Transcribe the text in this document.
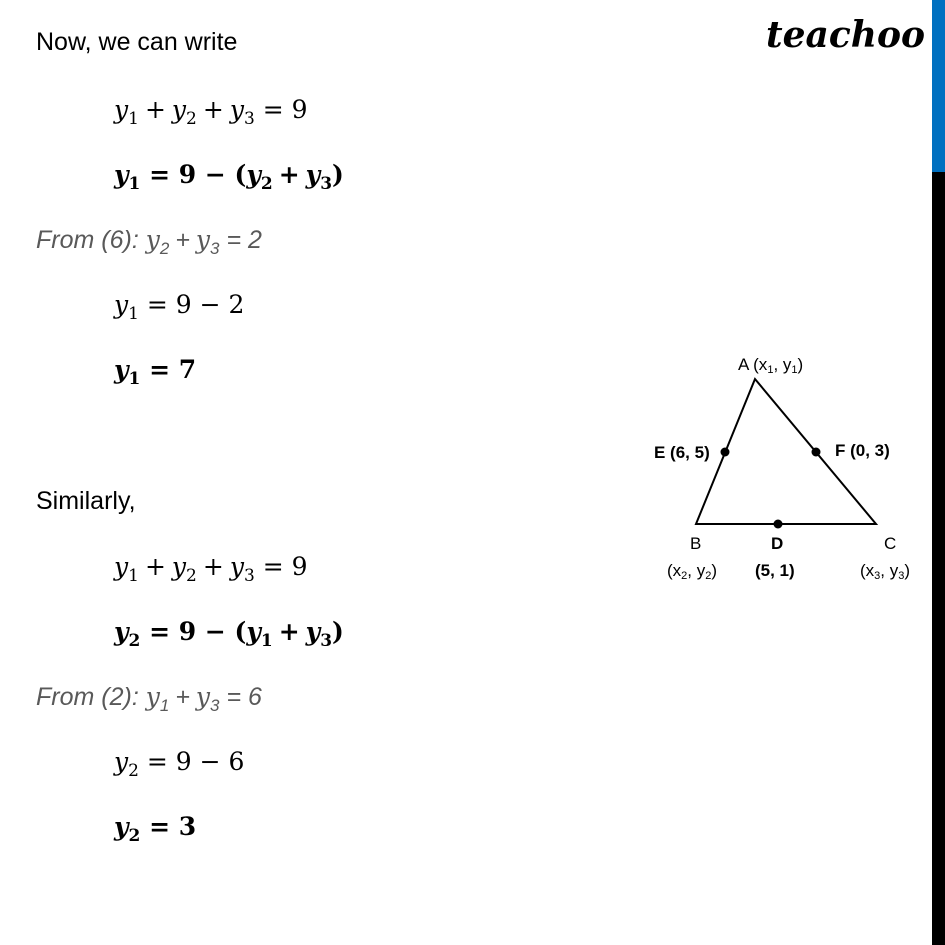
teachoo
Now, we can write
$y_1 + y_2 + y_3 = 9$
$y_1 = 9 - (y_2 + y_3)$
From (6): $y_2 + y_3 = 2$
$y_1 = 9 - 2$
$y_1 = 7$
Similarly,
$y_1 + y_2 + y_3 = 9$
$y_2 = 9 - (y_1 + y_3)$
From (2): $y_1 + y_3 = 6$
$y_2 = 9 - 6$
$y_2 = 3$
A ($x_1$, $y_1$)
E (6, 5)	F (0, 3)
B
($x_2$, $y_2$)
D
(5, 1)
C
($x_3$, $y_3$)
